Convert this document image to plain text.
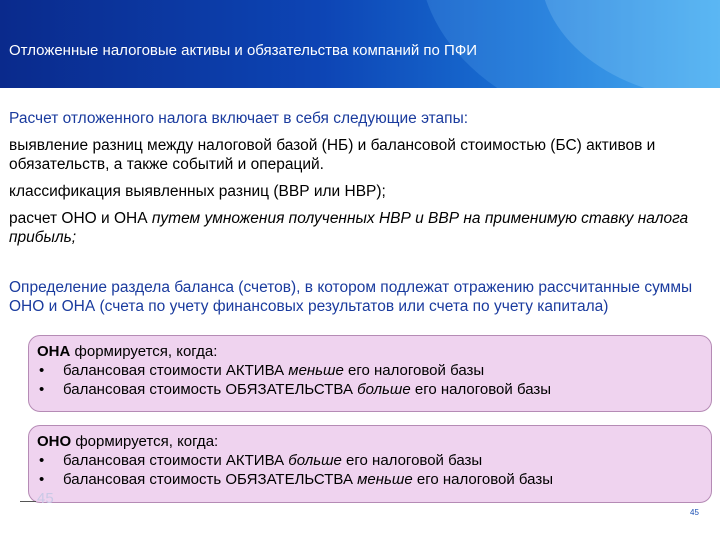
Отложенные налоговые активы и обязательства компаний по ПФИ

Расчет отложенного налога включает в себя следующие этапы:

выявление разниц между налоговой базой (НБ) и балансовой стоимостью (БС) активов и обязательств, а также событий и операций.

классификация выявленных разниц (ВВР или НВР);

расчет ОНО и ОНА путем умножения полученных НВР и ВВР на применимую ставку налога прибыль;

Определение раздела баланса (счетов), в котором подлежат отражению рассчитанные суммы ОНО и ОНА (счета по учету финансовых результатов или счета по учету капитала)

ОНА формируется, когда:
• балансовая стоимости АКТИВА меньше его налоговой базы
• балансовая стоимость ОБЯЗАТЕЛЬСТВА больше его налоговой базы
ОНО формируется, когда:
• балансовая стоимости АКТИВА больше его налоговой базы
• балансовая стоимость ОБЯЗАТЕЛЬСТВА меньше его налоговой базы
45
45
